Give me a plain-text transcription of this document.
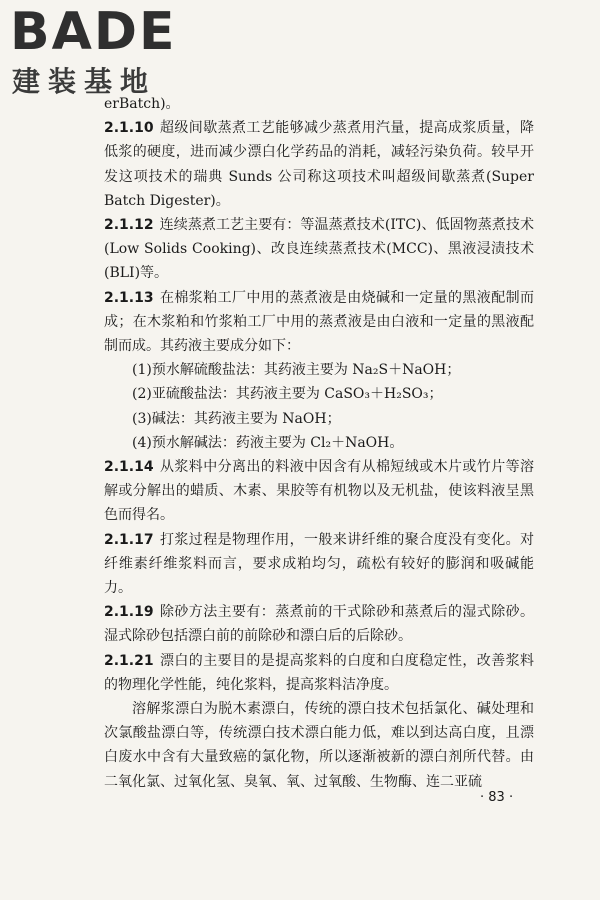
BADE
建装基地

erBatch)。

2.1.10 超级间歇蒸煮工艺能够减少蒸煮用汽量，提高成浆质量，降低浆的硬度，进而减少漂白化学药品的消耗，减轻污染负荷。较早开发这项技术的瑞典 Sunds 公司称这项技术叫超级间歇蒸煮(Super Batch Digester)。

2.1.12 连续蒸煮工艺主要有：等温蒸煮技术(ITC)、低固物蒸煮技术(Low Solids Cooking)、改良连续蒸煮技术(MCC)、黑液浸渍技术(BLI)等。

2.1.13 在棉浆粕工厂中用的蒸煮液是由烧碱和一定量的黑液配制而成；在木浆粕和竹浆粕工厂中用的蒸煮液是由白液和一定量的黑液配制而成。其药液主要成分如下：

(1)预水解硫酸盐法：其药液主要为 Na₂S＋NaOH；

(2)亚硫酸盐法：其药液主要为 CaSO₃＋H₂SO₃；

(3)碱法：其药液主要为 NaOH；

(4)预水解碱法：药液主要为 Cl₂＋NaOH。

2.1.14 从浆料中分离出的料液中因含有从棉短绒或木片或竹片等溶解或分解出的蜡质、木素、果胶等有机物以及无机盐，使该料液呈黑色而得名。

2.1.17 打浆过程是物理作用，一般来讲纤维的聚合度没有变化。对纤维素纤维浆料而言，要求成粕均匀，疏松有较好的膨润和吸碱能力。

2.1.19 除砂方法主要有：蒸煮前的干式除砂和蒸煮后的湿式除砂。湿式除砂包括漂白前的前除砂和漂白后的后除砂。

2.1.21 漂白的主要目的是提高浆料的白度和白度稳定性，改善浆料的物理化学性能，纯化浆料，提高浆料洁净度。

溶解浆漂白为脱木素漂白，传统的漂白技术包括氯化、碱处理和次氯酸盐漂白等，传统漂白技术漂白能力低，难以到达高白度，且漂白废水中含有大量致癌的氯化物，所以逐渐被新的漂白剂所代替。由二氧化氯、过氧化氢、臭氧、氧、过氧酸、生物酶、连二亚硫

· 83 ·
